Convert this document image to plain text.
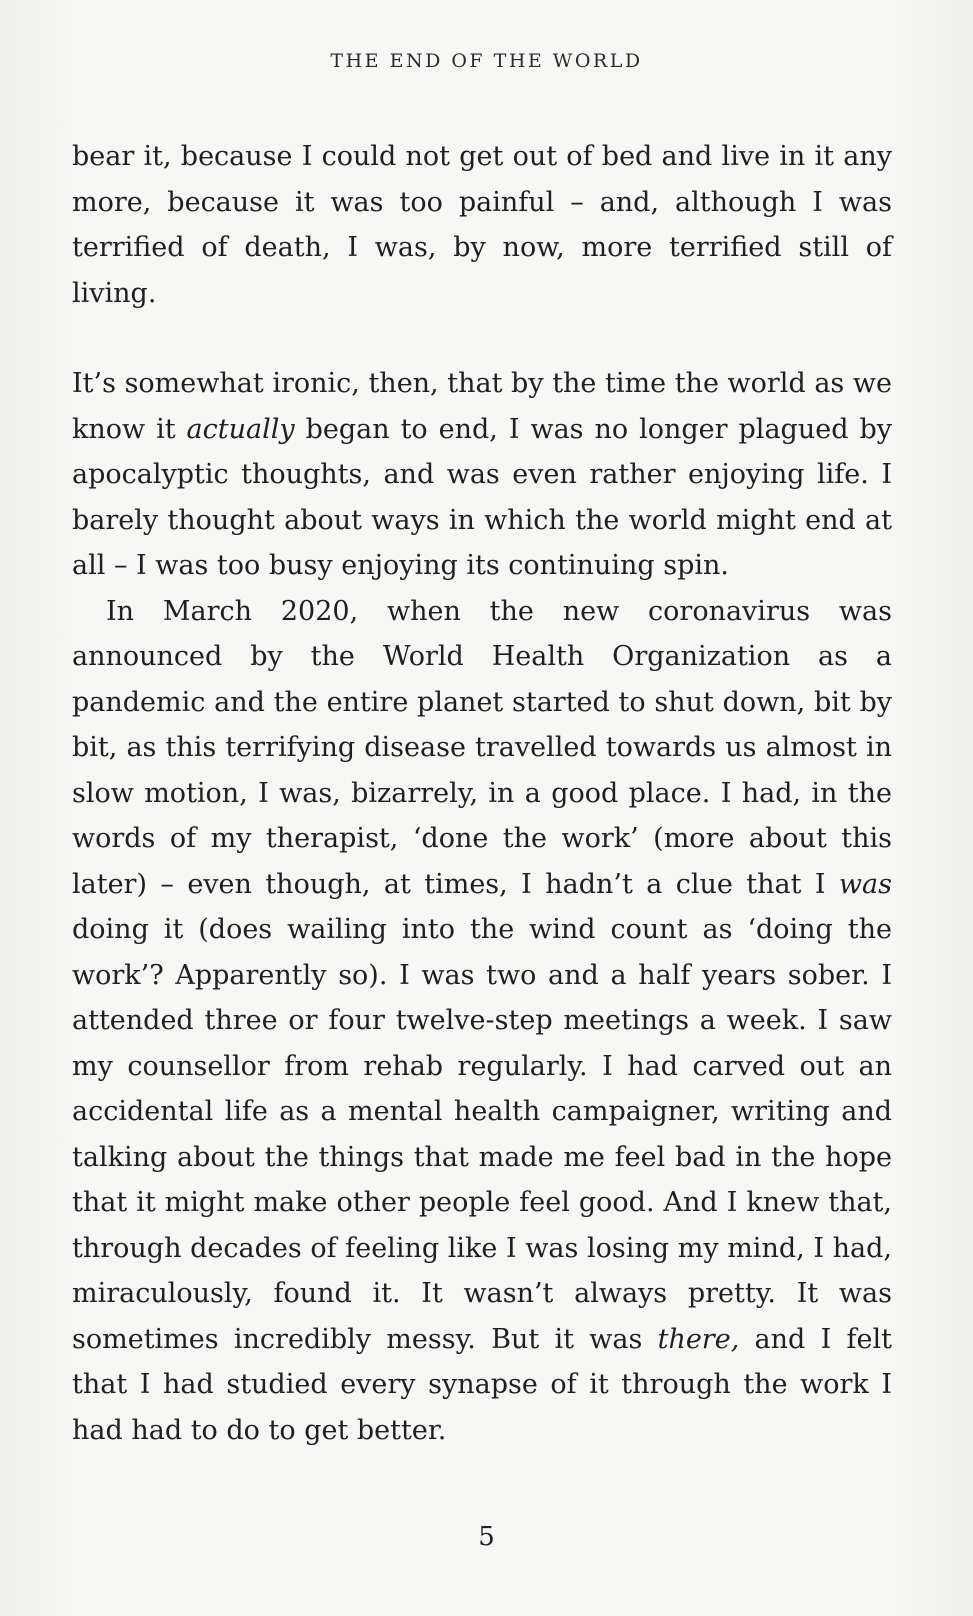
THE END OF THE WORLD

bear it, because I could not get out of bed and live in it any more, because it was too painful – and, although I was terrified of death, I was, by now, more terrified still of living.

It’s somewhat ironic, then, that by the time the world as we know it actually began to end, I was no longer plagued by apocalyptic thoughts, and was even rather enjoying life. I barely thought about ways in which the world might end at all – I was too busy enjoying its continuing spin.

In March 2020, when the new coronavirus was announced by the World Health Organization as a pandemic and the entire planet started to shut down, bit by bit, as this terrifying disease travelled towards us almost in slow motion, I was, bizarrely, in a good place. I had, in the words of my therapist, ‘done the work’ (more about this later) – even though, at times, I hadn’t a clue that I was doing it (does wailing into the wind count as ‘doing the work’? Apparently so). I was two and a half years sober. I attended three or four twelve-step meetings a week. I saw my counsellor from rehab regularly. I had carved out an accidental life as a mental health campaigner, writing and talking about the things that made me feel bad in the hope that it might make other people feel good. And I knew that, through decades of feeling like I was losing my mind, I had, miraculously, found it. It wasn’t always pretty. It was sometimes incredibly messy. But it was there, and I felt that I had studied every synapse of it through the work I had had to do to get better.

5
